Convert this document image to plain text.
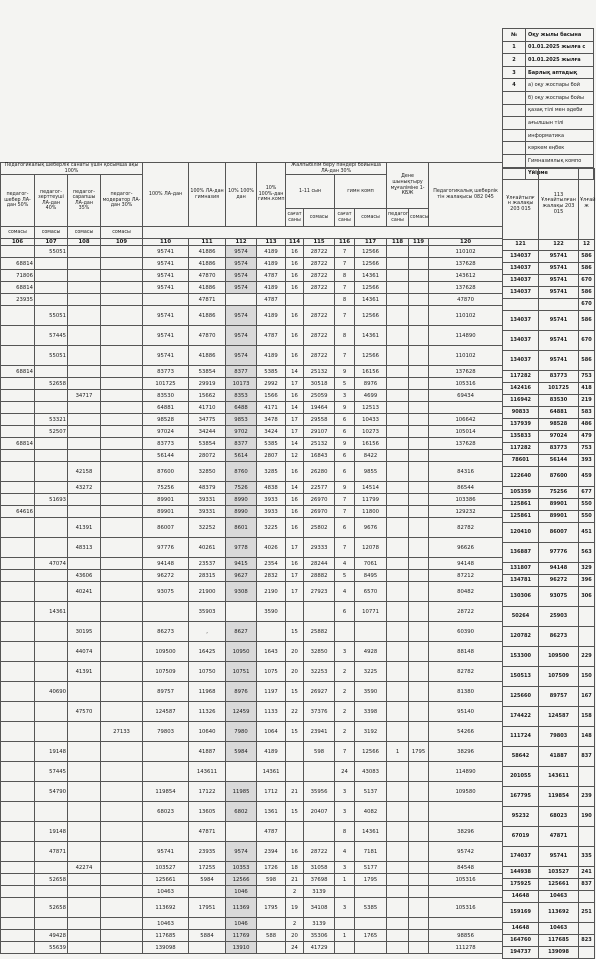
№	Оқу жылы басына
1	01.01.2025 жылға с
2	01.01.2025 жылға
3	Барлық аптадық
4	а) оқу жоспары бой
	б) оқу жоспары бойы
	қазақ тілі мен әдеби
	ағылшын тілі
	информатика
	кәркем еңбек
	Гимназиялық компо
	Үйірме
Педагогикалық шеберлік санаты үшін қосымша ақы 100%				100% ЛА-дан	100% ЛА-дан гимназия	10% 100% дан	10% 100%-дан гимн.комп	Жалпыбілім беру пәндері бойынша ЛА-дан 30%				Дене шынықтыру мұғалімінe 1-КБЖ		Педагогикалық шеберлік тін жалақысы 082 045
педагог-шебер ЛА-дан 50%	педагог-зерттеуші ЛА-дан 40%	педагог-сарапшы ЛА-дан 35%	педагог-модератор ЛА-дан 30%					1-11 сын		гимн комп				
								сағат саны	сомасы	сағат саны	сомасы	педагог саны	сомасы	
сомасы	сомасы	сомасы	сомасы											
106	107	108	109	110	111	112	113	114	115	116	117	118	119	120
	55051			95741	41886	9574	4189	16	28722	7	12566			110102
68814				95741	41886	9574	4189	16	28722	7	12566			137628
71806				95741	47870	9574	4787	16	28722	8	14361			143612
68814				95741	41886	9574	4189	16	28722	7	12566			137628
23935					47871		4787			8	14361			47870
	55051			95741	41886	9574	4189	16	28722	7	12566			110102
	57445			95741	47870	9574	4787	16	28722	8	14361			114890
	55051			95741	41886	9574	4189	16	28722	7	12566			110102
68814				83773	53854	8377	5385	14	25132	9	16156			137628
	52658			101725	29919	10173	2992	17	30518	5	8976			105316
		34717		83530	15662	8353	1566	16	25059	3	4699			69434
				64881	41710	6488	4171	14	19464	9	12513			
	53321			98528	34775	9853	3478	17	29558	6	10433			106642
	52507			97024	34244	9702	3424	17	29107	6	10273			105014
68814				83773	53854	8377	5385	14	25132	9	16156			137628
				56144	28072	5614	2807	12	16843	6	8422			
		42158		87600	32850	8760	3285	16	26280	6	9855			84316
		43272		75256	48379	7526	4838	14	22577	9	14514			86544
	51693			89901	39331	8990	3933	16	26970	7	11799			103386
64616				89901	39331	8990	3933	16	26970	7	11800			129232
		41391		86007	32252	8601	3225	16	25802	6	9676			82782
		48313		97776	40261	9778	4026	17	29333	7	12078			96626
	47074			94148	23537	9415	2354	16	28244	4	7061			94148
		43606		96272	28315	9627	2832	17	28882	5	8495			87212
		40241		93075	21900	9308	2190	17	27923	4	6570			80482
	14361				35903		3590			6	10771			28722
		30195		86273	,	8627		15	25882					60390
		44074		109500	16425	10950	1643	20	32850	3	4928			88148
		41391		107509	10750	10751	1075	20	32253	2	3225			82782
	40690			89757	11968	8976	1197	15	26927	2	3590			81380
		47570		124587	11326	12459	1133	22	37376	2	3398			95140
			27133	79803	10640	7980	1064	15	23941	2	3192			54266
	19148				41887	5984	4189		598	7	12566	1	1795	38296
	57445				143611		14361			24	43083			114890
	54790			119854	17122	11985	1712	21	35956	3	5137			109580
				68023	13605	6802	1361	15	20407	3	4082			
	19148				47871		4787			8	14361			38296
	47871			95741	23935	9574	2394	16	28722	4	7181			95742
		42274		103527	17255	10353	1726	18	31058	3	5177			84548
	52658			125661	5984	12566	598	21	37698	1	1795			105316
				10463		1046		2	3139					
	52658			113692	17951	11369	1795	19	34108	3	5385			105316
				10463		1046		2	3139					
	49428			117685	5884	11769	588	20	35306	1	1765			98856
	55639			139098		13910		24	41729					111278
Ұлғайтылғ н жалақы 203 015	113 Ұлғайтылған жалақы 203 015	Ұлғай ж
121	122	12
134037	95741	586
134037	95741	586
134037	95741	670
134037	95741	586
		670
134037	95741	586
134037	95741	670
134037	95741	586
117282	83773	753
142416	101725	418
116942	83530	219
90833	64881	583
137939	98528	486
135833	97024	479
117282	83773	753
78601	56144	393
122640	87600	459
105359	75256	677
125861	89901	550
125861	89901	550
120410	86007	451
136887	97776	563
131807	94148	329
134781	96272	396
130306	93075	306
50264	25903	
120782	86273	
153300	109500	229
150513	107509	150
125660	89757	167
174422	124587	158
111724	79803	148
58642	41887	837
201055	143611	
167795	119854	239
95232	68023	190
67019	47871	
174037	95741	335
144938	103527	241
175925	125661	837
14648	10463	
159169	113692	251
14648	10463	
164760	117685	823
194737	139098	
